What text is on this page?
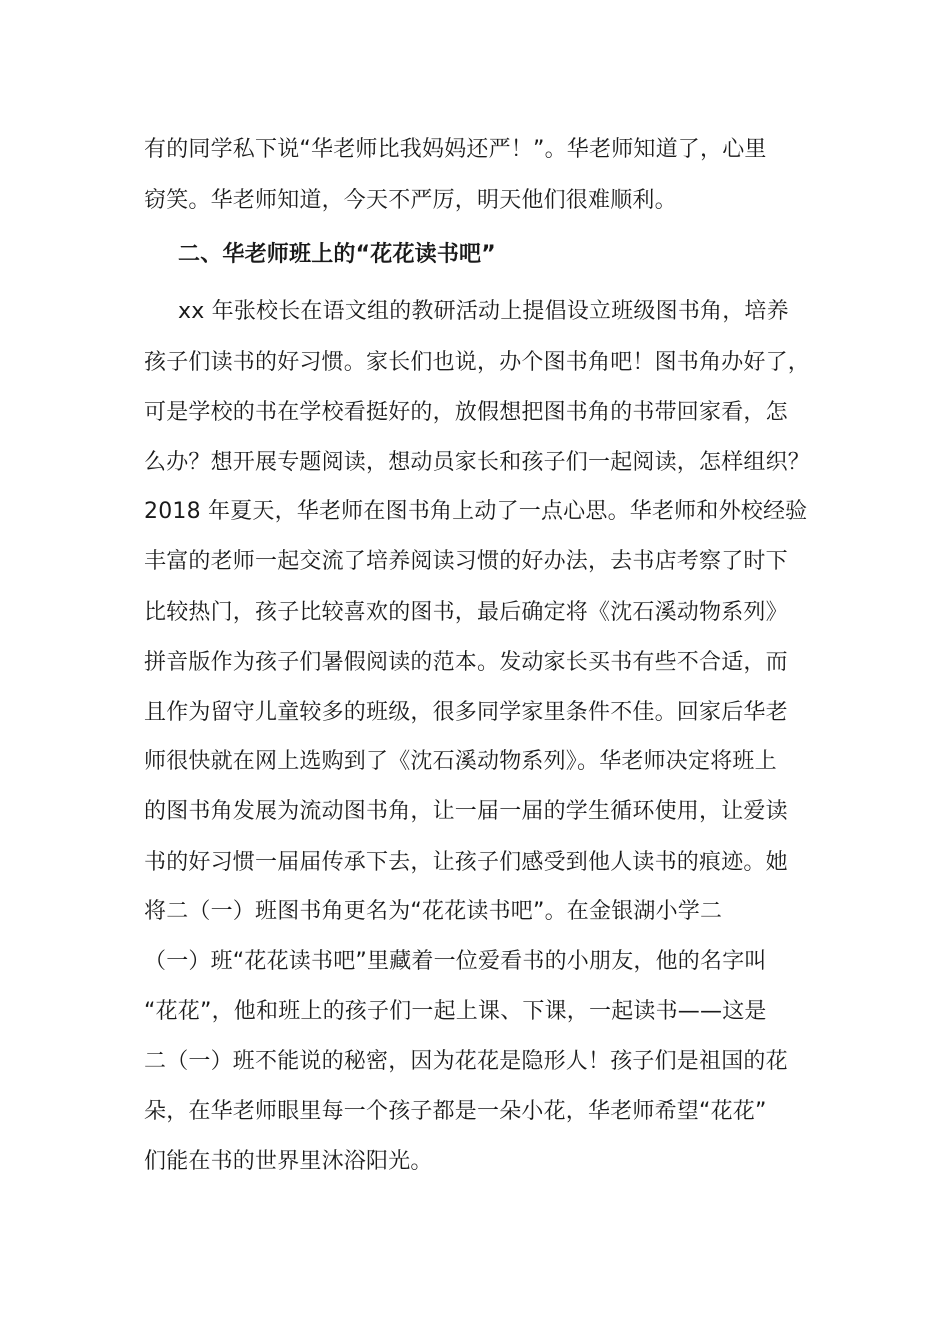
有的同学私下说“华老师比我妈妈还严！”。华老师知道了，心里
窃笑。华老师知道，今天不严厉，明天他们很难顺利。
二、华老师班上的“花花读书吧”
xx 年张校长在语文组的教研活动上提倡设立班级图书角，培养
孩子们读书的好习惯。家长们也说，办个图书角吧！图书角办好了，
可是学校的书在学校看挺好的，放假想把图书角的书带回家看，怎
么办？想开展专题阅读，想动员家长和孩子们一起阅读，怎样组织？
2018 年夏天，华老师在图书角上动了一点心思。华老师和外校经验
丰富的老师一起交流了培养阅读习惯的好办法，去书店考察了时下
比较热门，孩子比较喜欢的图书，最后确定将《沈石溪动物系列》
拼音版作为孩子们暑假阅读的范本。发动家长买书有些不合适，而
且作为留守儿童较多的班级，很多同学家里条件不佳。回家后华老
师很快就在网上选购到了《沈石溪动物系列》。华老师决定将班上
的图书角发展为流动图书角，让一届一届的学生循环使用，让爱读
书的好习惯一届届传承下去，让孩子们感受到他人读书的痕迹。她
将二（一）班图书角更名为“花花读书吧”。在金银湖小学二
（一）班“花花读书吧”里藏着一位爱看书的小朋友，他的名字叫
“花花”，他和班上的孩子们一起上课、下课，一起读书——这是
二（一）班不能说的秘密，因为花花是隐形人！孩子们是祖国的花
朵，在华老师眼里每一个孩子都是一朵小花，华老师希望“花花”
们能在书的世界里沐浴阳光。
